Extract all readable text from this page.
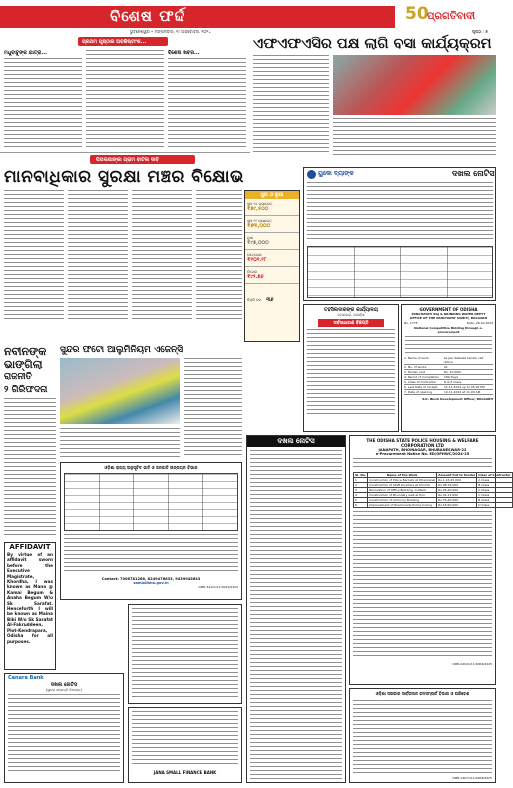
ବିଶେଷ ଫର୍ଦ୍ଦ
ଭୁବନେଶ୍ୱର • ମଙ୍ଗଳବାର, ୨୯ ଅକ୍ଟୋବର, ୨୦୨୪
50
ପ୍ରଗତିବାଦୀ
ପୃଷ୍ଠା : ୭
ପ୍ରଥମ ପୃଷ୍ଠାର ଅବଶିଷ୍ଟାଂଶ...
ମଧୁବାବୁଙ୍କ ଯାତ୍ରା...	ବିଶେଷ ଖବର...
ପିପଲପାଙ୍କା ଗ୍ରାମ ବାଟିଲ ଦାବି
ଏଫଏଫଏସିର ପକ୍ଷ ଲାଗି ବସା କାର୍ଯ୍ୟକ୍ରମ
ମାନବାଧିକାର ସୁରକ୍ଷା ମଞ୍ଚର ବିକ୍ଷୋଭ
ସୁନା ଓ ରୂପା
ସୁନା ୨୪ କ୍ୟାରେଟ୍
₹୭୯,୫୦୦
ସୁନା ୨୨ କ୍ୟାରେଟ୍
₹୭୩,୦୦୦
ରୂପା
₹୯୭,୦୦୦
ପେଟ୍ରୋଲ
₹୧୦୧.୧୮
ଡିଜେଲ
₹୯୨.୭୬
ବିକ୍ରି ଦର ୩୬
ୟୁକୋ ବ୍ୟାଙ୍କ	ଦଖଲ ନୋଟିସ
ତହସିଲଦାରଙ୍କ କାର୍ଯ୍ୟାଳୟ
ବୋଲଗଡ଼, ଖୋର୍ଦ୍ଧା
ସର୍ବସାଧାରଣ ବିଜ୍ଞପ୍ତି
GOVERNMENT OF ODISHA
PANCHAYATI RAJ & DRINKING WATER DEPTT
OFFICE OF THE PANCHAYAT SAMITI, BOLGARH
No. 1775	Date: 26.10.2024
National Competitive Bidding through e-procurement
1. Name of work	As per detailed tender call notice
2. No. of works	01
3. Tender cost	Rs. 10,000/-
4. Period of Completion	180 Days
5. Class of Contractor	D & E Class
6. Last Date of receipt	11.11.2024 up to 05.00 PM
7. Date of opening	12.11.2024 at 11.00 AM
Sd/- Block Development Officer, BOLGARH
ନବୀନଙ୍କ
ଭାଙ୍ଗିଲା
ରାଜନୀତି
୨ ଗିରିଫଦନା
ସୁନ୍ଦର ଫଟୋ ଆଲୁମିନିୟମ ଏଜେନ୍ସି
ଓଡ଼ିଶା ରାଜ୍ୟ ଅନୁସୂଚିତ ଜାତି ଓ ଜନଜାତି ଉନ୍ନୟନ ବିଭାଗ
Contact: 7008781268, 8249478633, 9439045643
samodisha.gov.in
OIPR-34121/11/0022/2425
AFFIDAVIT
By virtue of an affidavit sworn before the Executive Magistrate, Khordha, I was known as Mana @ Kamai Begum & Anaha Begum W/o Sk Sarafat. Henceforth I will be known as Maina Bibi W/o Sk Sarafat Al-Fakruddeen, Plot-Kendrapara, Odisha for all purposes.
Canara Bank
ଦଖଲ ନୋଟିସ
(ସ୍ଥାବର ସମ୍ପତ୍ତି ନିମନ୍ତେ)
JANA SMALL FINANCE BANK
ଦଖଲ ନୋଟିସ	THE ODISHA STATE POLICE HOUSING & WELFARE CORPORATION LTD
JANAPATH, BHOINAGAR, BHUBANESWAR-22
e-Procurement Notice No. ED/OPHWC/2024-25
Sl. No.	Name of the Work	Amount Put to Tender	Class of Contractor
1	Construction of Police Barrack at Dhenkanal	Rs.1,23,45,000	A Class
2	Construction of Staff Quarters at Khurda	Rs.98,76,000	B Class
3	Renovation of Office Building, Cuttack	Rs.45,20,000	C Class
4	Construction of Boundary wall at Puri	Rs.32,15,000	C Class
5	Construction of Armoury Building	Rs.76,40,000	B Class
6	Improvement of Road inside Police Colony	Rs.18,90,000	D Class
OIPR-04041/11/0006/2425
ଓଡ଼ିଶା ସରକାର ସାର୍ବଜନୀନ ଜନସମ୍ପର୍କ ବିଭାଗ ଓ ପରିବେଶ
OIPR-14071/11/0008/2425
